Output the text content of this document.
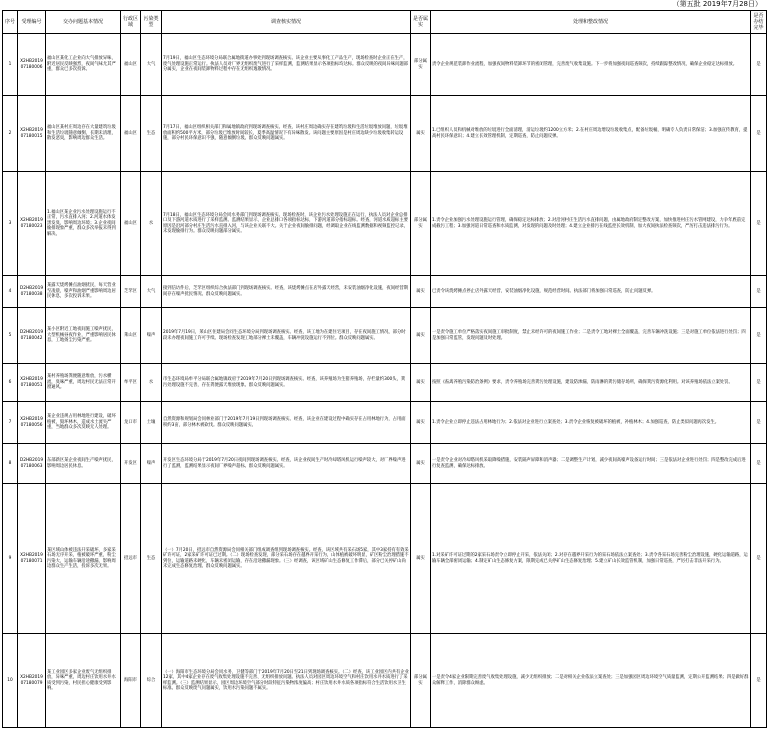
（第五批 2019年7月28日）
序号	受理编号	交办问题基本情况	行政区域	污染类型	调查核实情况	是否属实	处理和整改情况	是否办结完毕
1	X2HB201907180006	福山区某化工企业向大气排放异味，附近居民反映强烈，夜间气味尤其严重，群众已多次投诉。	福山区	大气	7月19日，福山区生态环境分局联合属地街道办事处到现场调查核实。该企业主要从事化工产品生产，现场检查时企业正在生产，废气处理设施正常运行。执法人员对厂界无组织废气进行了采样监测，监测结果显示各项指标均达标。群众反映的夜间异味问题部分属实，企业在夜间装卸物料过程中存在无组织逸散情况。	部分属实	责令企业规范装卸作业流程，加强夜间物料装卸环节的密闭管理，完善废气收集设施。下一步将加强夜间巡查频次，持续跟踪整改情况，确保企业稳定达标排放。	是
2	X2HB201907180015	福山区某村庄周边存在大量建筑垃圾和生活垃圾随意倾倒，长期未清理，散发恶臭，影响周边群众生活。	福山区	生态	7月17日，福山区组织相关部门和属地镇政府到现场调查核实。经查，该村庄周边确实存在建筑垃圾和生活垃圾堆放问题，垃圾堆放面积约500平方米，部分垃圾已堆放时间较长，夏季高温情况下有异味散发。该问题主要原因是村庄周边缺少垃圾收集转运设施，部分村民环保意识不强，随意倾倒垃圾。群众反映问题属实。	属实	1.已组织人员和机械对堆放的垃圾进行全面清理，清运垃圾约1200立方米；2.在村庄周边增设垃圾收集点，配备垃圾桶，明确专人负责日常保洁；3.加强宣传教育，提高村民环保意识；4.建立长效管理机制，定期巡查，防止问题反弹。	是
3	X2HB201907180023	1.福山区某企业污水处理设施运行不正常，污水直排入河；2.河道水体发黑发臭，影响周边环境；3.企业夜间偷排现象严重，群众多次举报未得到解决。	福山区	水	7月18日，福山区生态环境分局会同水务部门到现场调查核实。现场检查时，该企业污水处理设施正在运行，执法人员对企业总排口及下游河道水质进行了采样监测。监测结果显示，企业总排口各项指标达标，下游河道部分指标超标。经查，河道水质超标主要原因是沿河部分村庄生活污水直排入河，与该企业关联不大。关于企业夜间偷排问题，经调取企业在线监测数据和视频监控记录，未发现偷排行为。群众反映问题部分属实。	部分属实	1.责令企业加强污水处理设施运行管理，确保稳定达标排放；2.对沿河村庄生活污水直排问题，由属地政府制定整改方案，加快推进村庄污水管网建设，力争年底前完成截污工程；3.加强河道日常巡查和水质监测，对发现的问题及时处理；4.建立企业排污在线监控长效机制，加大夜间执法检查频次，严厉打击违法排污行为。	是
4	D2HB201907180038	某露天烧烤摊点油烟扰民，每天营业至凌晨，噪声和油烟严重影响周边居民休息，多次投诉未果。	芝罘区	大气	接到信访件后，芝罘区组织综合执法部门到现场调查核实。经查，该烧烤摊点在店外露天经营，未安装油烟净化设施，夜间经营期间存在噪声扰民情况。群众反映问题属实。	属实	已责令该烧烤摊点停止店外露天经营，安装油烟净化设施，规范经营时间。执法部门将加强日常巡查，防止问题反弹。	是
5	D2HB201907180042	某小区附近工地夜间施工噪声扰民，大型机械昼夜作业，严重影响居民休息，工地扬尘污染严重。	莱山区	噪声	2019年7月19日，莱山区住建局会同生态环境分局到现场调查核实。经查，该工地为在建住宅项目，存在夜间施工情况，部分时段未办理夜间施工许可手续。现场检查发现工地部分裸土未覆盖，车辆冲洗设施运行不到位。群众反映问题属实。	属实	一是责令施工单位严格落实夜间施工审批制度，禁止未经许可的夜间施工作业；二是责令工地对裸土全面覆盖，完善车辆冲洗设施；三是对施工单位依法进行处罚；四是加强日常监管，发现问题及时处理。	是
6	X2HB201907180051	某村养殖场粪便随意堆放，污水横流，臭味严重，周边村民无法正常开窗通风。	牟平区	水	市生态环境局牟平分局联合属地镇政府于2019年7月20日到现场调查核实。经查，该养殖场为生猪养殖场，存栏量约300头，粪污处理设施不完善，存在粪便露天堆放现象。群众反映问题属实。	属实	按照《畜禽养殖污染防治条例》要求，责令养殖场完善粪污处理设施，建设防渗漏、防雨淋的粪污储存场所，确保粪污资源化利用。对该养殖场依法立案处罚。	是
7	X2HB201907180056	某企业违规占用林地进行建设，破坏植被，毁坏林木，造成水土流失严重，当地群众多次反映无人处理。	龙口市	土壤	自然资源和规划局会同林业部门于2019年7月19日到现场调查核实。经查，该企业在建设过程中确实存在占用林地行为，占用面积约3亩，部分林木被砍伐。群众反映问题属实。	属实	1.责令企业立即停止违法占用林地行为；2.依法对企业进行立案查处；3.责令企业恢复被破坏的植被，补植林木；4.加强巡查，防止类似问题再次发生。	是
8	D2HB201907180063	东部新区某企业夜间生产噪声扰民，影响周边居民休息。	开发区	噪声	开发区生态环境分局于2019年7月20日夜间到现场调查核实。经查，该企业夜间生产时冷却塔风机运行噪声较大，对厂界噪声进行了监测，监测结果显示夜间厂界噪声超标。群众反映问题属实。	属实	一是责令企业对冷却塔风机采取降噪措施，安装隔声屏障和消声器；二是调整生产计划，减少夜间高噪声设备运行时间；三是依法对企业进行处罚；四是整改完成后进行复查监测，确保达标排放。	是
9	X2HB201907180071	某区域山体被违法开采破坏，多家采石场无序开采，植被破坏严重，粉尘污染大，运输车辆沿途撒漏，影响周边群众生产生活，投诉多次无果。	招远市	生态	（一）7月20日，招远市自然资源局会同相关部门组成调查组到现场调查核实。经查，该区域共有采石场5家，其中3家持有有效采矿许可证，2家采矿许可证已过期。（二）现场检查发现，部分采石场存在越界开采行为，山体植被破坏明显，矿区粉尘治理措施不到位，运输道路未硬化，车辆未密闭运输，存在沿途撒漏现象。（三）经调查，该区域矿山生态修复工作滞后，部分已关停矿山尚未完成生态修复治理。群众反映问题属实。	属实	1.对采矿许可证过期的2家采石场责令立即停止开采，依法关闭；2.对存在越界开采行为的采石场依法立案查处；3.责令各采石场完善粉尘治理设施，硬化运输道路，运输车辆全部密闭运输；4.制定矿山生态修复方案，限期完成已关停矿山生态修复治理；5.建立矿山长效监管机制，加强日常巡查，严厉打击非法开采行为。	是
10	X2HB201907180079	某工业园区多家企业废气无组织排放，异味严重，周边村庄饮用水井水质受到污染，村民担心健康受到影响。	海阳市	综合	（一）海阳市生态环境分局会同水务、卫健等部门于2019年7月20日至21日到现场调查核实。（二）经查，该工业园区内共有企业12家，其中4家企业存在废气收集处理设施不完善、无组织排放问题。执法人员对园区周边环境空气和村庄饮用水井水质进行了采样监测。（三）监测结果显示，园区周边环境空气部分时段特征污染物浓度偏高；村庄饮用水井水质各项指标符合生活饮用水卫生标准。群众反映废气问题属实，饮用水污染问题不属实。	部分属实	一是责令4家企业限期完善废气收集处理设施，减少无组织排放；二是对相关企业依法立案查处；三是加强园区周边环境空气质量监测，定期公开监测结果；四是做好群众解释工作，消除群众顾虑。	是
